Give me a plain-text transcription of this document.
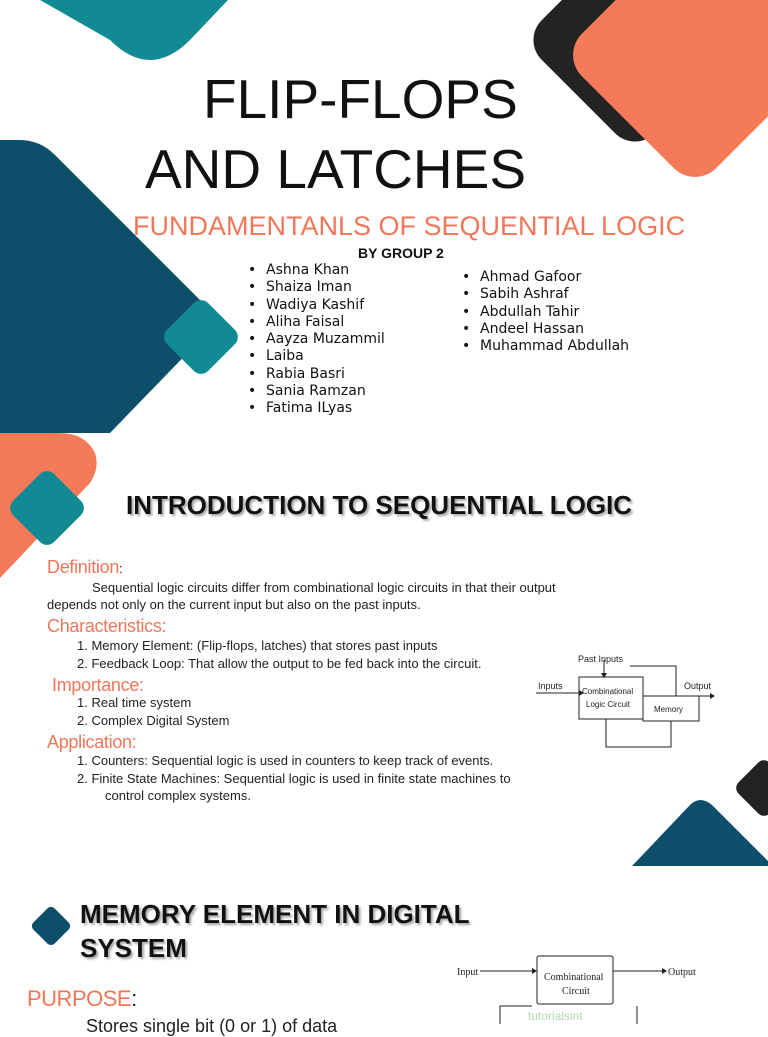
FLIP-FLOPS
AND LATCHES
FUNDAMENTANLS OF SEQUENTIAL LOGIC
BY GROUP 2
• Ashna Khan
• Shaiza Iman
• Wadiya Kashif
• Aliha Faisal
• Aayza Muzammil
• Laiba
• Rabia Basri
• Sania Ramzan
• Fatima ILyas
• Ahmad Gafoor
• Sabih Ashraf
• Abdullah Tahir
• Andeel Hassan
• Muhammad Abdullah
INTRODUCTION TO SEQUENTIAL LOGIC
Definition:
Sequential logic circuits differ from combinational logic circuits in that their output
depends not only on the current input but also on the past inputs.
Characteristics:
1. Memory Element: (Flip-flops, latches) that stores past inputs
2. Feedback Loop: That allow the output to be fed back into the circuit.
Importance:
1. Real time system
2. Complex Digital System
Application:
1. Counters: Sequential logic is used in counters to keep track of events.
2. Finite State Machines: Sequential logic is used in finite state machines to
control complex systems.
Past Inputs
Inputs	Output
Combinational
Logic Circuit
Memory
MEMORY ELEMENT IN DIGITAL
SYSTEM
PURPOSE:
Stores single bit (0 or 1) of data
Input	Output
Combinational
Circuit
tutorialsint
